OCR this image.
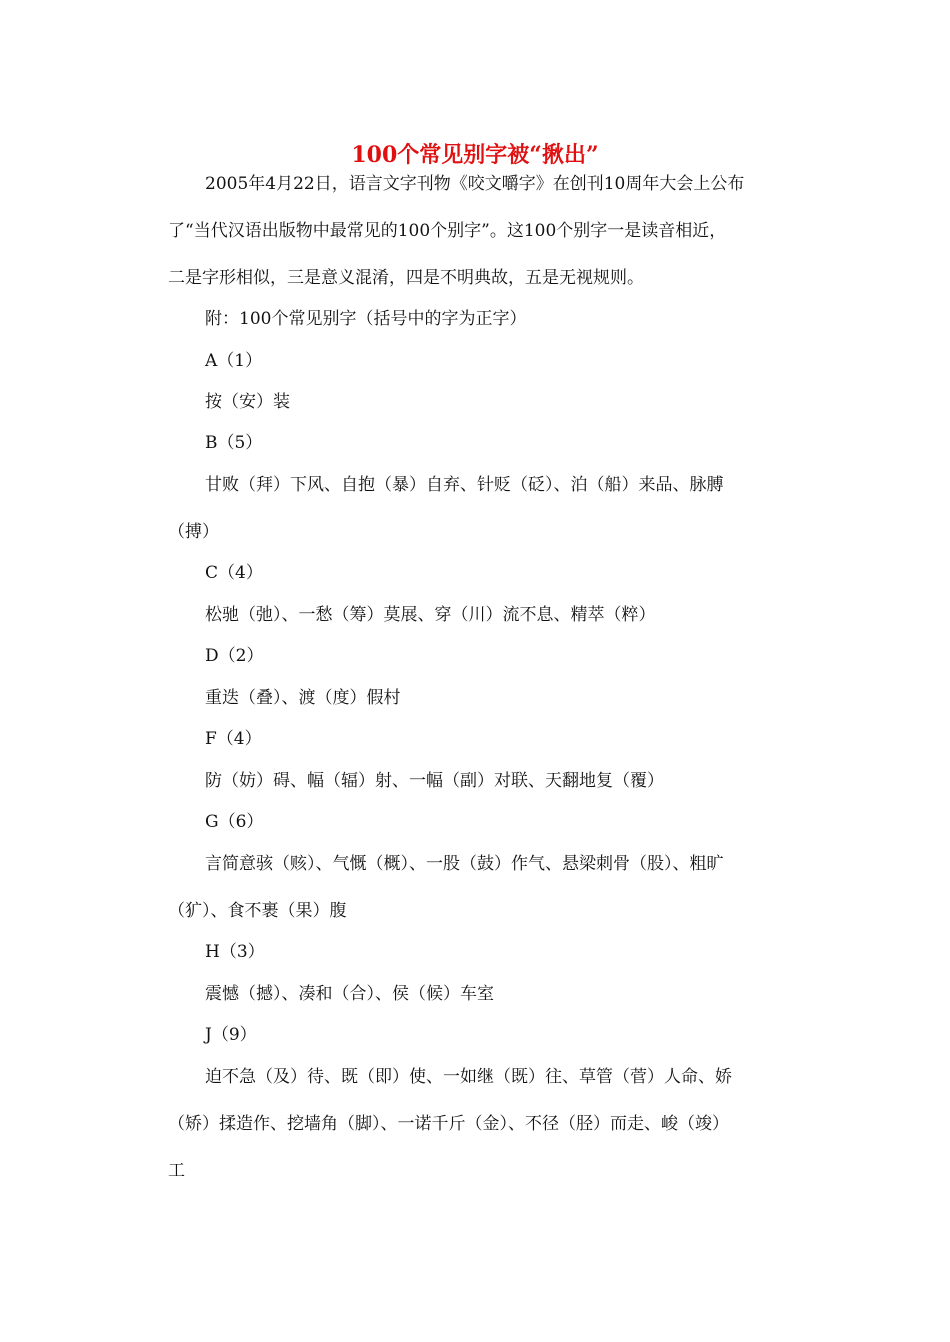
100个常见别字被“揪出”
2005年4月22日，语言文字刊物《咬文嚼字》在创刊10周年大会上公布
了“当代汉语出版物中最常见的100个别字”。这100个别字一是读音相近，
二是字形相似，三是意义混淆，四是不明典故，五是无视规则。
附：100个常见别字（括号中的字为正字）
A（1）
按（安）装
B（5）
甘败（拜）下风、自抱（暴）自弃、针贬（砭）、泊（船）来品、脉膊
（搏）
C（4）
松驰（弛）、一愁（筹）莫展、穿（川）流不息、精萃（粹）
D（2）
重迭（叠）、渡（度）假村
F（4）
防（妨）碍、幅（辐）射、一幅（副）对联、天翻地复（覆）
G（6）
言简意骇（赅）、气慨（概）、一股（鼓）作气、悬梁刺骨（股）、粗旷
（犷）、食不裹（果）腹
H（3）
震憾（撼）、凑和（合）、侯（候）车室
J（9）
迫不急（及）待、既（即）使、一如继（既）往、草管（菅）人命、娇
（矫）揉造作、挖墙角（脚）、一诺千斤（金）、不径（胫）而走、峻（竣）
工
